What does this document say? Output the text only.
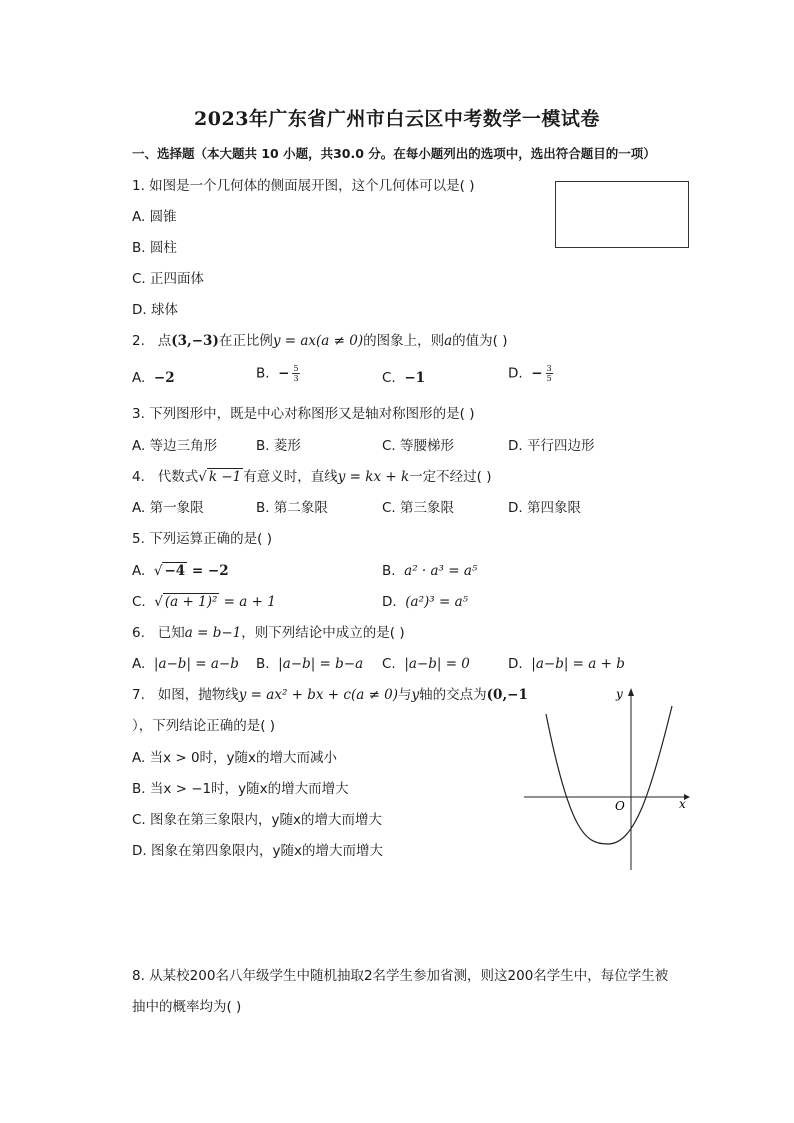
2023年广东省广州市白云区中考数学一模试卷
一、选择题（本大题共 10 小题，共30.0 分。在每小题列出的选项中，选出符合题目的一项）
1. 如图是一个几何体的侧面展开图，这个几何体可以是( )
A. 圆锥
B. 圆柱
C. 正四面体
D. 球体
2. 点(3,−3)在正比例y = ax(a ≠ 0)的图象上，则a的值为( )
A. −2	B. − $\frac{5}{3}$	C. −1	D. − $\frac{3}{5}$
3. 下列图形中，既是中心对称图形又是轴对称图形的是( )
A. 等边三角形	B. 菱形	C. 等腰梯形	D. 平行四边形
4. 代数式√ k −1 有意义时，直线y = kx + k一定不经过( )
A. 第一象限	B. 第二象限	C. 第三象限	D. 第四象限
5. 下列运算正确的是( )
A.  √ −4 = −2	B. a² · a³ = a⁵
C.  √ (a + 1)² = a + 1	D. (a²)³ = a⁵
6. 已知a = b−1，则下列结论中成立的是( )
A. |a−b| = a−b B. |a−b| = b−a C. |a−b| = 0	D. |a−b| = a + b
7. 如图，抛物线y = ax² + bx + c(a ≠ 0)与y轴的交点为(0,−1
），下列结论正确的是( )
A. 当x > 0时，y随x的增大而减小
B. 当x > −1时，y随x的增大而增大
C. 图象在第三象限内，y随x的增大而增大
D. 图象在第四象限内，y随x的增大而增大
y
x
O
8. 从某校200名八年级学生中随机抽取2名学生参加省测，则这200名学生中，每位学生被
抽中的概率均为( )
